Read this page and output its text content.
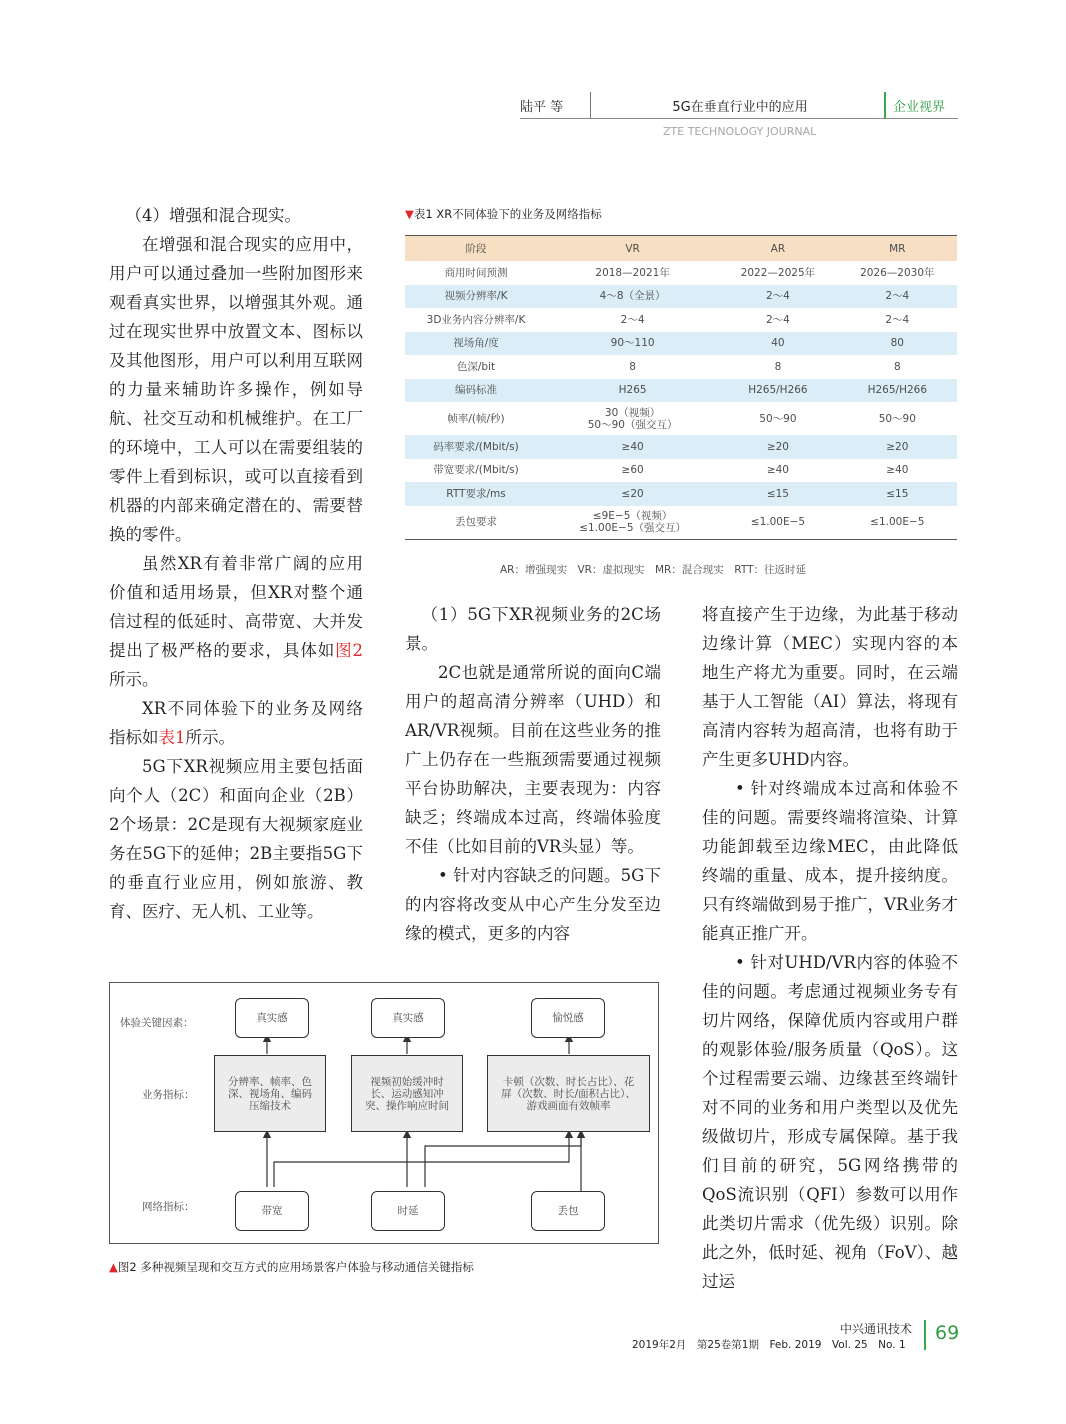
陆平 等	5G在垂直行业中的应用	企业视界
ZTE TECHNOLOGY JOURNAL

（4）增强和混合现实。

在增强和混合现实的应用中，用户可以通过叠加一些附加图形来观看真实世界，以增强其外观。通过在现实世界中放置文本、图标以及其他图形，用户可以利用互联网的力量来辅助许多操作，例如导航、社交互动和机械维护。在工厂的环境中，工人可以在需要组装的零件上看到标识，或可以直接看到机器的内部来确定潜在的、需要替换的零件。

虽然XR有着非常广阔的应用价值和适用场景，但XR对整个通信过程的低延时、高带宽、大并发提出了极严格的要求，具体如图2所示。

XR不同体验下的业务及网络指标如表1所示。

5G下XR视频应用主要包括面向个人（2C）和面向企业（2B）2个场景：2C是现有大视频家庭业务在5G下的延伸；2B主要指5G下的垂直行业应用，例如旅游、教育、医疗、无人机、工业等。

▼表1 XR不同体验下的业务及网络指标
阶段	VR	AR	MR
商用时间预测	2018—2021年	2022—2025年	2026—2030年
视频分辨率/K	4～8（全景）	2～4	2～4
3D业务内容分辨率/K	2～4	2～4	2～4
视场角/度	90～110	40	80
色深/bit	8	8	8
编码标准	H265	H265/H266	H265/H266
帧率/(帧/秒)	30（视频）
50～90（强交互）	50～90	50～90
码率要求/(Mbit/s)	≥40	≥20	≥20
带宽要求/(Mbit/s)	≥60	≥40	≥40
RTT要求/ms	≤20	≤15	≤15
丢包要求	≤9E−5（视频）
≤1.00E−5（强交互）	≤1.00E−5	≤1.00E−5
AR：增强现实　VR：虚拟现实　MR：混合现实　RTT：往返时延

（1）5G下XR视频业务的2C场景。

2C也就是通常所说的面向C端用户的超高清分辨率（UHD）和AR/VR视频。目前在这些业务的推广上仍存在一些瓶颈需要通过视频平台协助解决，主要表现为：内容缺乏；终端成本过高，终端体验度不佳（比如目前的VR头显）等。

• 针对内容缺乏的问题。5G下的内容将改变从中心产生分发至边缘的模式，更多的内容

将直接产生于边缘，为此基于移动边缘计算（MEC）实现内容的本地生产将尤为重要。同时，在云端基于人工智能（AI）算法，将现有高清内容转为超高清，也将有助于产生更多UHD内容。

• 针对终端成本过高和体验不佳的问题。需要终端将渲染、计算功能卸载至边缘MEC，由此降低终端的重量、成本，提升接纳度。只有终端做到易于推广，VR业务才能真正推广开。

• 针对UHD/VR内容的体验不佳的问题。考虑通过视频业务专有切片网络，保障优质内容或用户群的观影体验/服务质量（QoS）。这个过程需要云端、边缘甚至终端针对不同的业务和用户类型以及优先级做切片，形成专属保障。基于我们目前的研究，5G网络携带的QoS流识别（QFI）参数可以用作此类切片需求（优先级）识别。除此之外，低时延、视角（FoV）、越过运

体验关键因素：
业务指标：
网络指标：
真实感	真实感	愉悦感
分辨率、帧率、色深、视场角、编码压缩技术
视频初始缓冲时长、运动感知冲突、操作响应时间
卡顿（次数、时长占比）、花屏（次数、时长/面积占比）、游戏画面有效帧率
带宽	时延	丢包
▲图2 多种视频呈现和交互方式的应用场景客户体验与移动通信关键指标
中兴通讯技术
2019年2月　第25卷第1期　Feb. 2019　Vol. 25　No. 1
69
